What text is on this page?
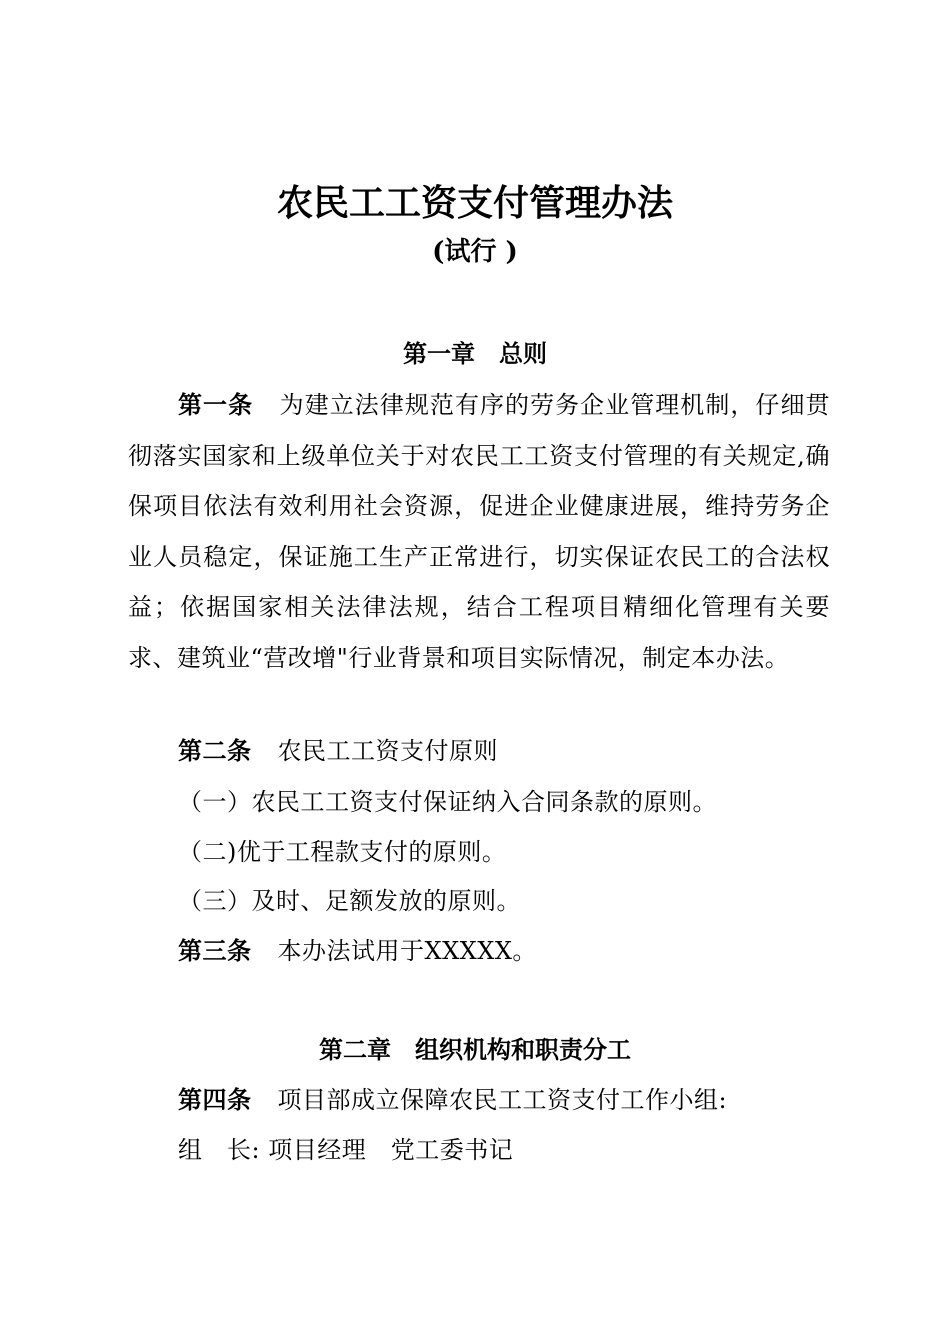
农民工工资支付管理办法
(试行 )
第一章　总则
第一条 为建立法律规范有序的劳务企业管理机制，仔细贯彻落实国家和上级单位关于对农民工工资支付管理的有关规定,确保项目依法有效利用社会资源，促进企业健康进展，维持劳务企业人员稳定，保证施工生产正常进行，切实保证农民工的合法权益；依据国家相关法律法规，结合工程项目精细化管理有关要求、建筑业“营改增"行业背景和项目实际情况，制定本办法。
第二条 农民工工资支付原则
（一）农民工工资支付保证纳入合同条款的原则。
（二)优于工程款支付的原则。
（三）及时、足额发放的原则。
第三条 本办法试用于XXXXX。
第二章　组织机构和职责分工
第四条 项目部成立保障农民工工资支付工作小组:
组　长: 项目经理　党工委书记
